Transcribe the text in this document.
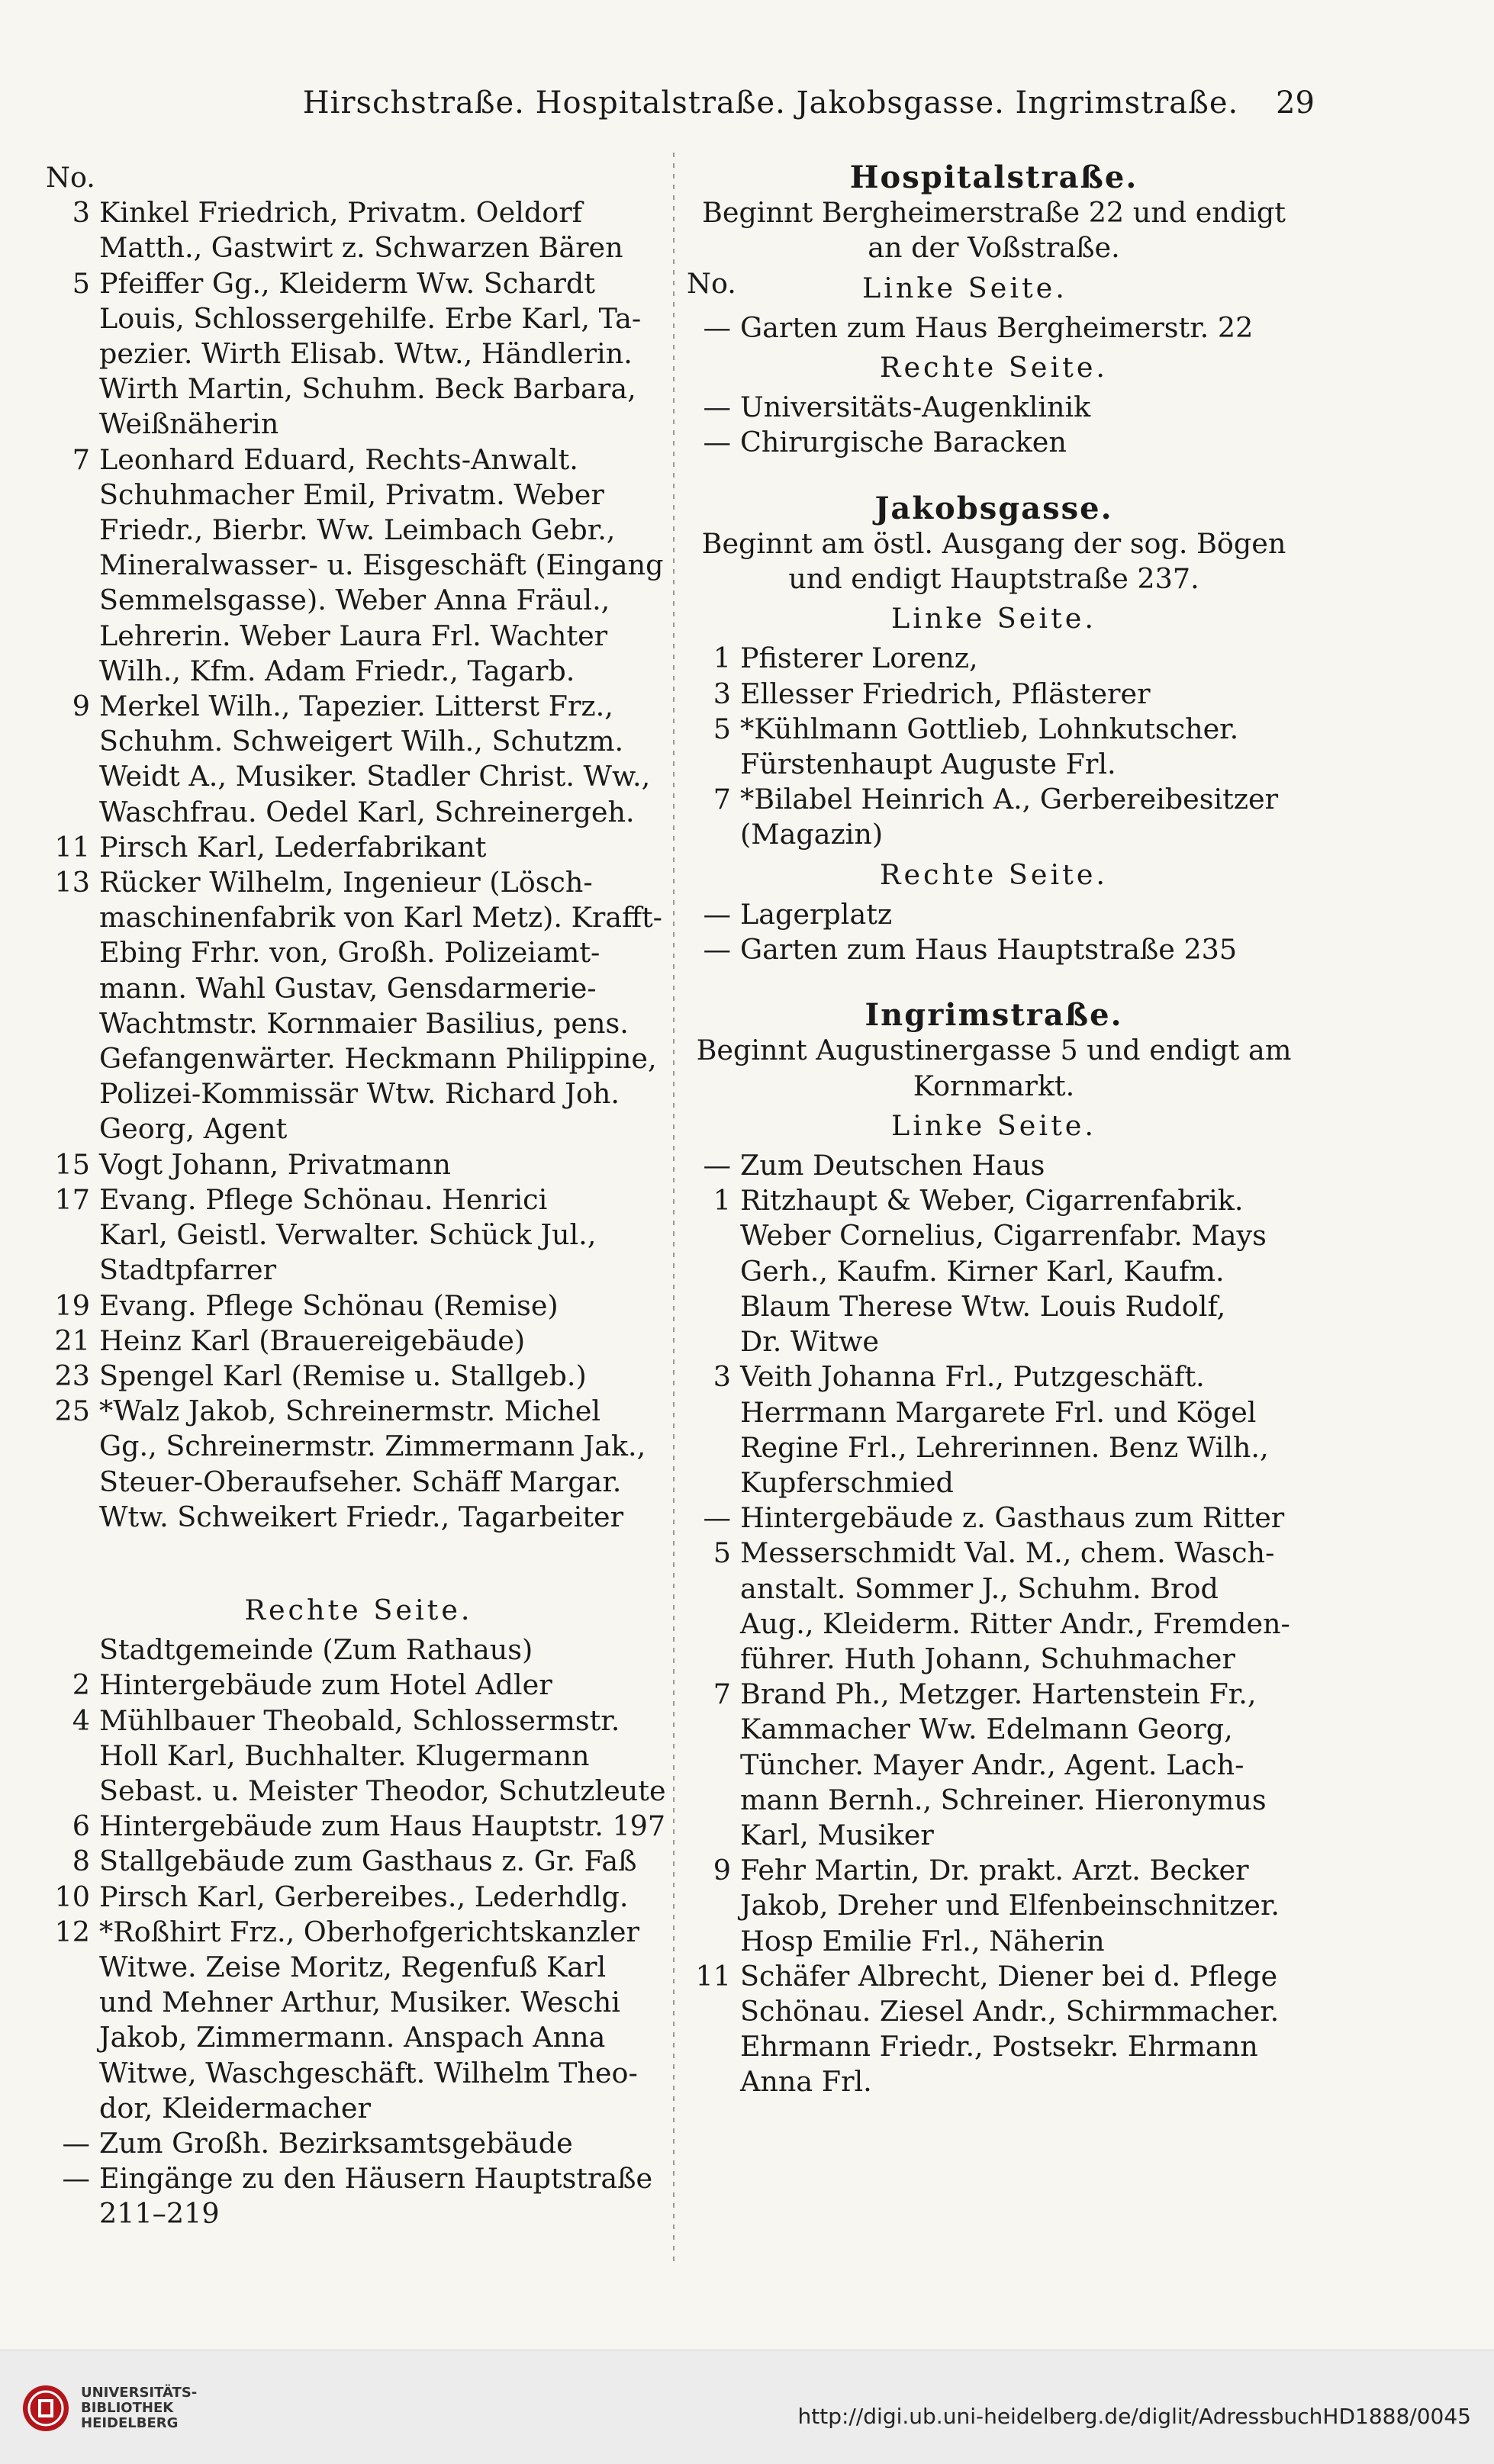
Hirschstraße. Hospitalstraße. Jakobsgasse. Ingrimstraße.	29
No.
3 Kinkel Friedrich, Privatm. Oeldorf
Matth., Gastwirt z. Schwarzen Bären
5 Pfeiffer Gg., Kleiderm Ww. Schardt
Louis, Schlossergehilfe. Erbe Karl, Ta-
pezier. Wirth Elisab. Wtw., Händlerin.
Wirth Martin, Schuhm. Beck Barbara,
Weißnäherin
7 Leonhard Eduard, Rechts-Anwalt.
Schuhmacher Emil, Privatm. Weber
Friedr., Bierbr. Ww. Leimbach Gebr.,
Mineralwasser- u. Eisgeschäft (Eingang
Semmelsgasse). Weber Anna Fräul.,
Lehrerin. Weber Laura Frl. Wachter
Wilh., Kfm. Adam Friedr., Tagarb.
9 Merkel Wilh., Tapezier. Litterst Frz.,
Schuhm. Schweigert Wilh., Schutzm.
Weidt A., Musiker. Stadler Christ. Ww.,
Waschfrau. Oedel Karl, Schreinergeh.
11 Pirsch Karl, Lederfabrikant
13 Rücker Wilhelm, Ingenieur (Lösch-
maschinenfabrik von Karl Metz). Krafft-
Ebing Frhr. von, Großh. Polizeiamt-
mann. Wahl Gustav, Gensdarmerie-
Wachtmstr. Kornmaier Basilius, pens.
Gefangenwärter. Heckmann Philippine,
Polizei-Kommissär Wtw. Richard Joh.
Georg, Agent
15 Vogt Johann, Privatmann
17 Evang. Pflege Schönau. Henrici
Karl, Geistl. Verwalter. Schück Jul.,
Stadtpfarrer
19 Evang. Pflege Schönau (Remise)
21 Heinz Karl (Brauereigebäude)
23 Spengel Karl (Remise u. Stallgeb.)
25 *Walz Jakob, Schreinermstr. Michel
Gg., Schreinermstr. Zimmermann Jak.,
Steuer-Oberaufseher. Schäff Margar.
Wtw. Schweikert Friedr., Tagarbeiter
Rechte Seite.
Stadtgemeinde (Zum Rathaus)
2 Hintergebäude zum Hotel Adler
4 Mühlbauer Theobald, Schlossermstr.
Holl Karl, Buchhalter. Klugermann
Sebast. u. Meister Theodor, Schutzleute
6 Hintergebäude zum Haus Hauptstr. 197
8 Stallgebäude zum Gasthaus z. Gr. Faß
10 Pirsch Karl, Gerbereibes., Lederhdlg.
12 *Roßhirt Frz., Oberhofgerichtskanzler
Witwe. Zeise Moritz, Regenfuß Karl
und Mehner Arthur, Musiker. Weschi
Jakob, Zimmermann. Anspach Anna
Witwe, Waschgeschäft. Wilhelm Theo-
dor, Kleidermacher
— Zum Großh. Bezirksamtsgebäude
— Eingänge zu den Häusern Hauptstraße
211–219
Hospitalstraße.
Beginnt Bergheimerstraße 22 und endigt
an der Voßstraße.
No.	Linke Seite.
— Garten zum Haus Bergheimerstr. 22
Rechte Seite.
— Universitäts-Augenklinik
— Chirurgische Baracken
Jakobsgasse.
Beginnt am östl. Ausgang der sog. Bögen
und endigt Hauptstraße 237.
Linke Seite.
1 Pfisterer Lorenz,
3 Ellesser Friedrich, Pflästerer
5 *Kühlmann Gottlieb, Lohnkutscher.
Fürstenhaupt Auguste Frl.
7 *Bilabel Heinrich A., Gerbereibesitzer
(Magazin)
Rechte Seite.
— Lagerplatz
— Garten zum Haus Hauptstraße 235
Ingrimstraße.
Beginnt Augustinergasse 5 und endigt am
Kornmarkt.
Linke Seite.
— Zum Deutschen Haus
1 Ritzhaupt & Weber, Cigarrenfabrik.
Weber Cornelius, Cigarrenfabr. Mays
Gerh., Kaufm. Kirner Karl, Kaufm.
Blaum Therese Wtw. Louis Rudolf,
Dr. Witwe
3 Veith Johanna Frl., Putzgeschäft.
Herrmann Margarete Frl. und Kögel
Regine Frl., Lehrerinnen. Benz Wilh.,
Kupferschmied
— Hintergebäude z. Gasthaus zum Ritter
5 Messerschmidt Val. M., chem. Wasch-
anstalt. Sommer J., Schuhm. Brod
Aug., Kleiderm. Ritter Andr., Fremden-
führer. Huth Johann, Schuhmacher
7 Brand Ph., Metzger. Hartenstein Fr.,
Kammacher Ww. Edelmann Georg,
Tüncher. Mayer Andr., Agent. Lach-
mann Bernh., Schreiner. Hieronymus
Karl, Musiker
9 Fehr Martin, Dr. prakt. Arzt. Becker
Jakob, Dreher und Elfenbeinschnitzer.
Hosp Emilie Frl., Näherin
11 Schäfer Albrecht, Diener bei d. Pflege
Schönau. Ziesel Andr., Schirmmacher.
Ehrmann Friedr., Postsekr. Ehrmann
Anna Frl.
UNIVERSITÄTS-
BIBLIOTHEK
HEIDELBERG	http://digi.ub.uni-heidelberg.de/diglit/AdressbuchHD1888/0045
